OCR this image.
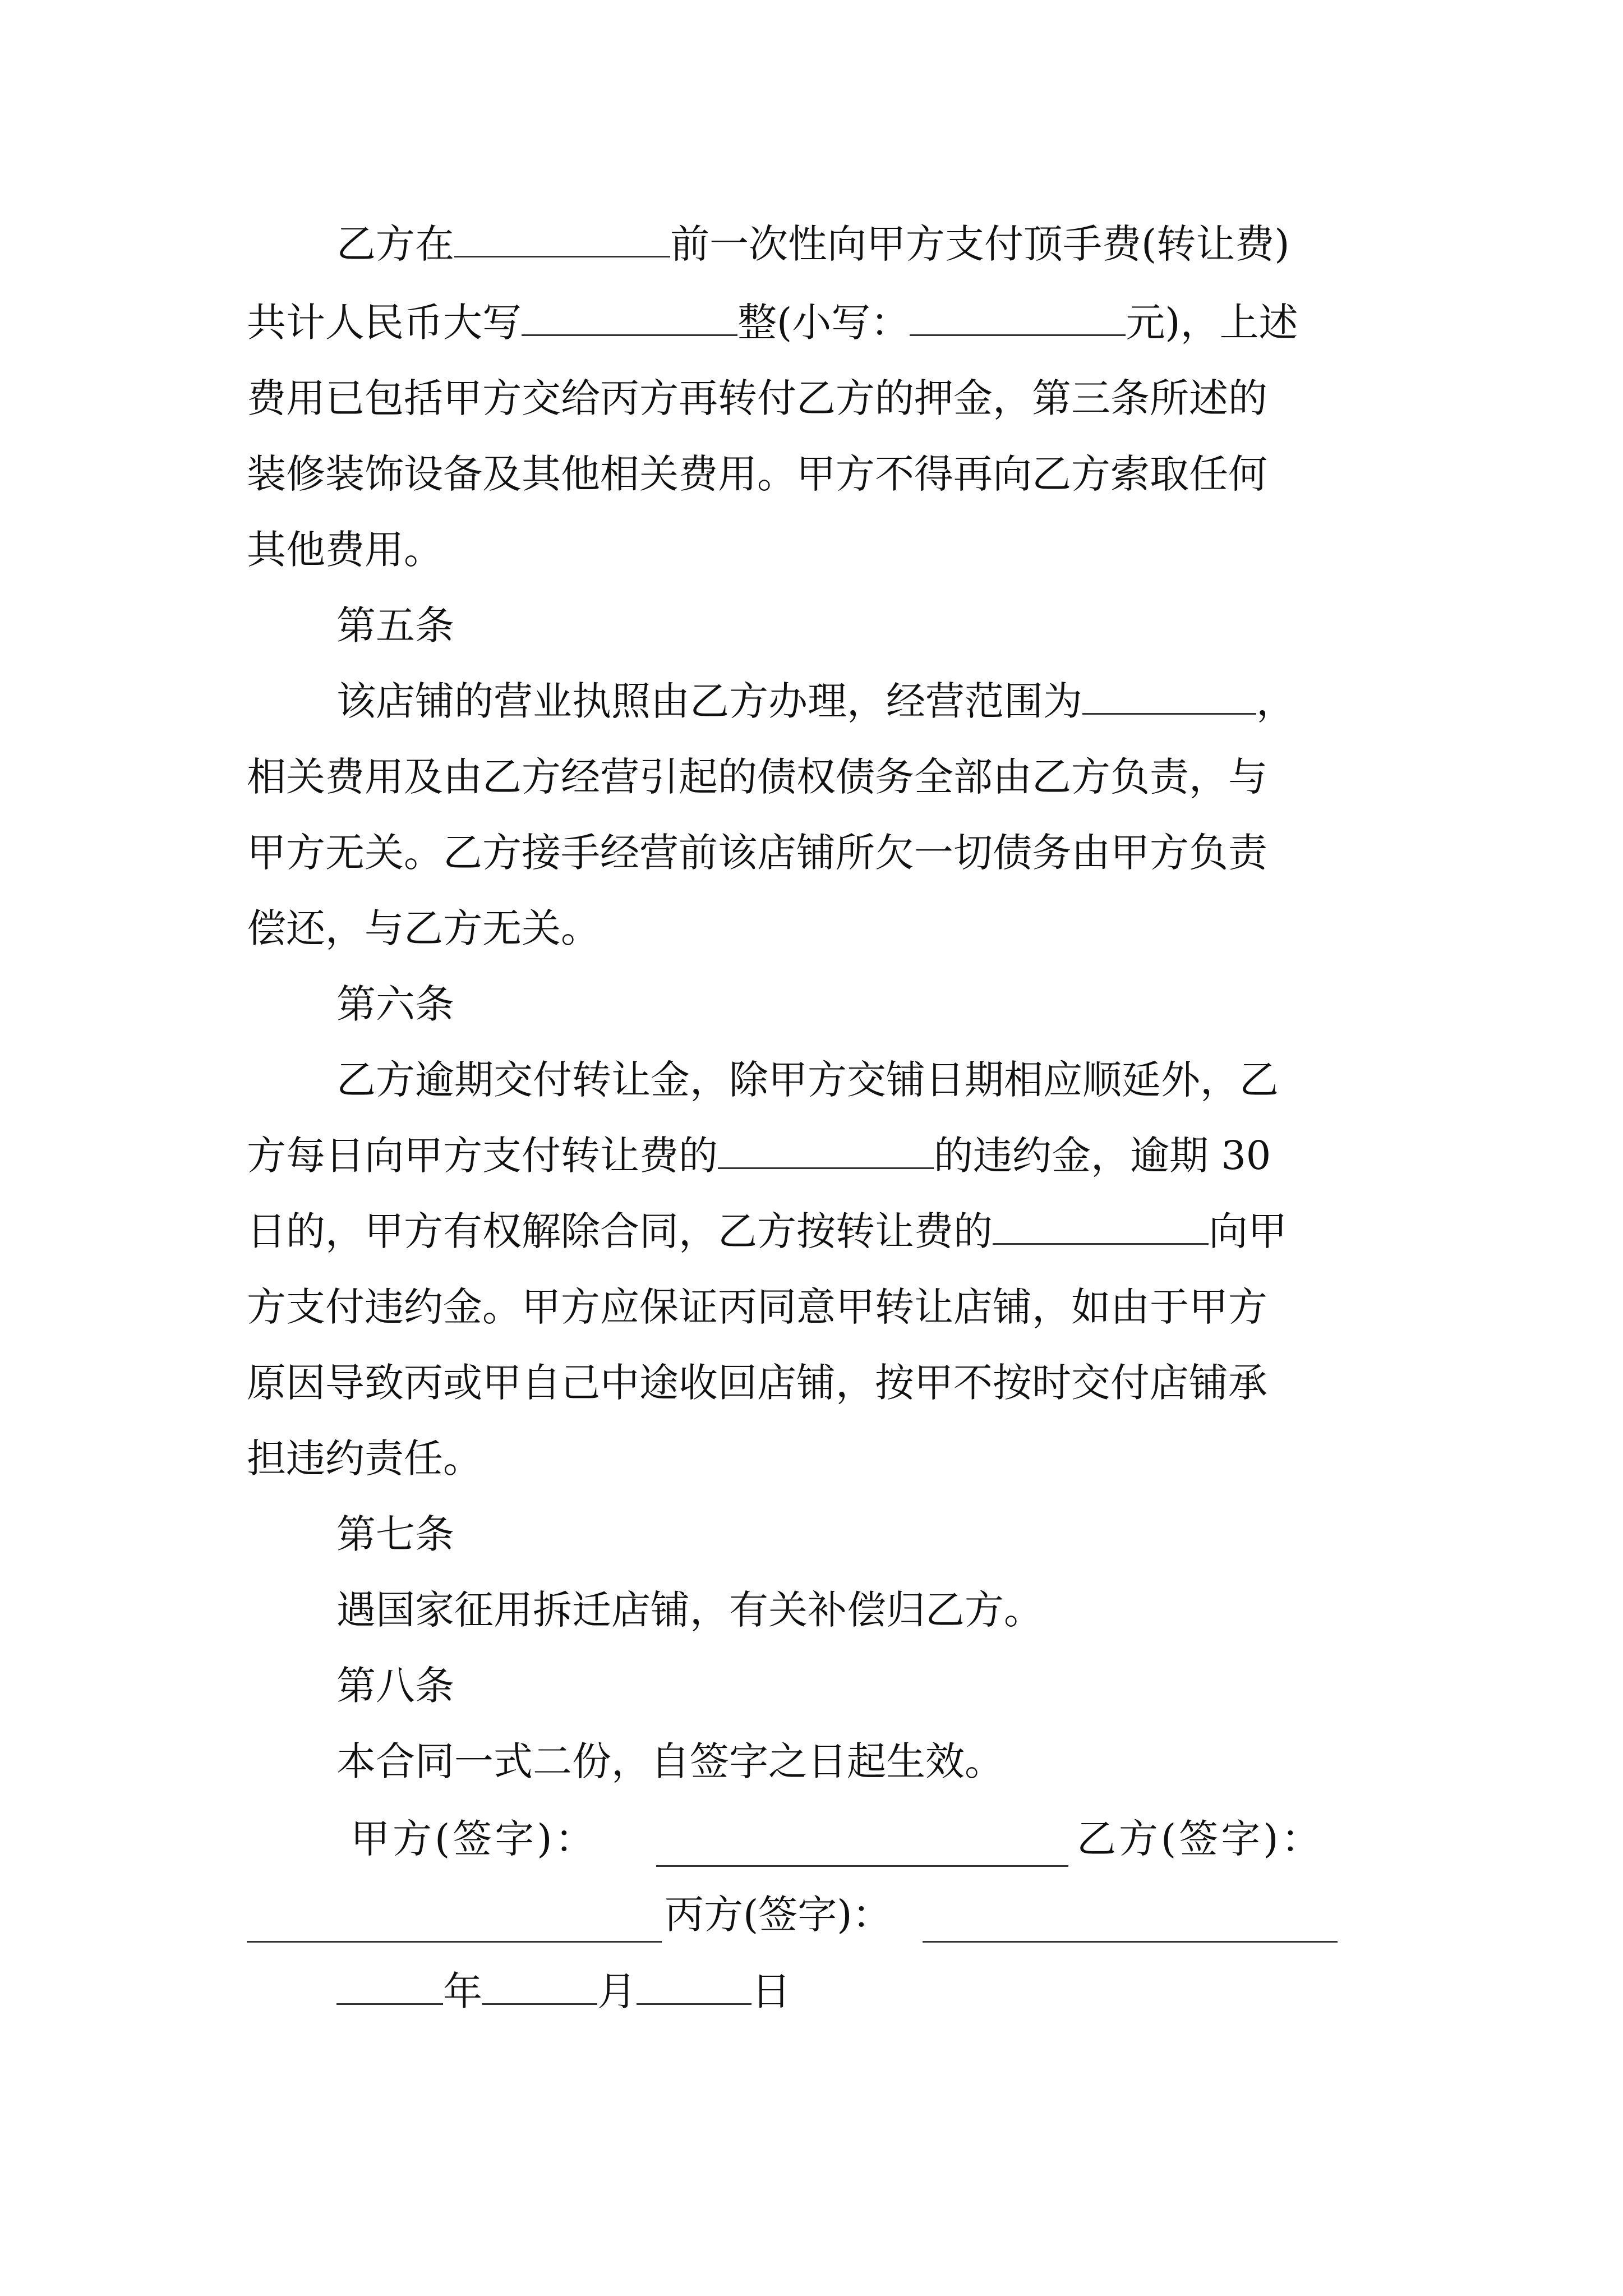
乙方在	前一次性向甲方支付顶手费(转让费)
共计人民币大写	整(小写：	元)，上述
费用已包括甲方交给丙方再转付乙方的押金，第三条所述的
装修装饰设备及其他相关费用。甲方不得再向乙方索取任何
其他费用。
第五条
该店铺的营业执照由乙方办理，经营范围为	，
相关费用及由乙方经营引起的债权债务全部由乙方负责，与
甲方无关。乙方接手经营前该店铺所欠一切债务由甲方负责
偿还，与乙方无关。
第六条
乙方逾期交付转让金，除甲方交铺日期相应顺延外，乙
方每日向甲方支付转让费的	的违约金，逾期 30
日的，甲方有权解除合同，乙方按转让费的	向甲
方支付违约金。甲方应保证丙同意甲转让店铺，如由于甲方
原因导致丙或甲自己中途收回店铺，按甲不按时交付店铺承
担违约责任。
第七条
遇国家征用拆迁店铺，有关补偿归乙方。
第八条
本合同一式二份，自签字之日起生效。
甲方(签字)：	乙方(签字)：
丙方(签字)：
年	月	日
